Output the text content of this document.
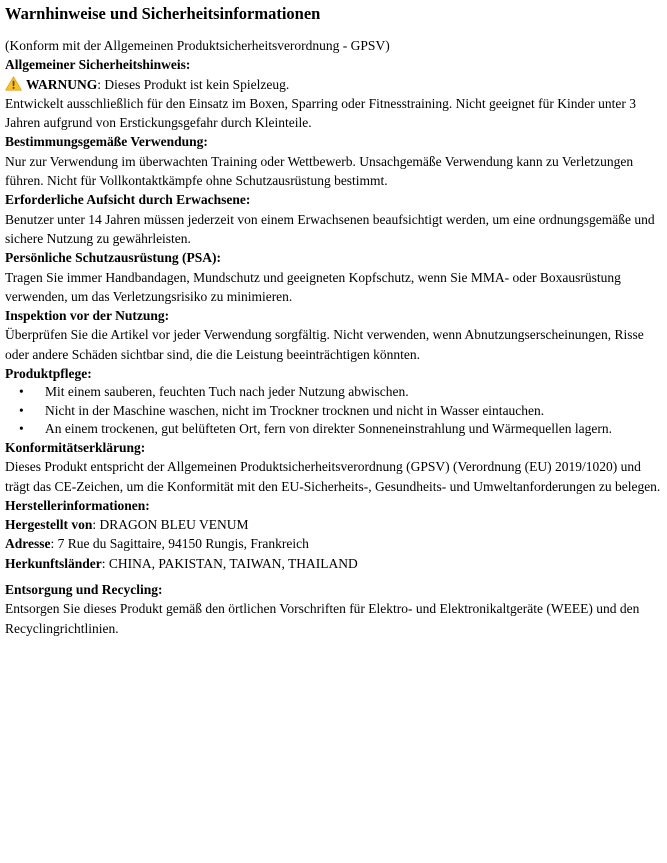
Warnhinweise und Sicherheitsinformationen

(Konform mit der Allgemeinen Produktsicherheitsverordnung - GPSV)

Allgemeiner Sicherheitshinweis:

WARNUNG: Dieses Produkt ist kein Spielzeug.
Entwickelt ausschließlich für den Einsatz im Boxen, Sparring oder Fitnesstraining. Nicht geeignet für Kinder unter 3 Jahren aufgrund von Erstickungsgefahr durch Kleinteile.

Bestimmungsgemäße Verwendung:

Nur zur Verwendung im überwachten Training oder Wettbewerb. Unsachgemäße Verwendung kann zu Verletzungen führen. Nicht für Vollkontaktkämpfe ohne Schutzausrüstung bestimmt.

Erforderliche Aufsicht durch Erwachsene:

Benutzer unter 14 Jahren müssen jederzeit von einem Erwachsenen beaufsichtigt werden, um eine ordnungsgemäße und sichere Nutzung zu gewährleisten.

Persönliche Schutzausrüstung (PSA):

Tragen Sie immer Handbandagen, Mundschutz und geeigneten Kopfschutz, wenn Sie MMA- oder Boxausrüstung verwenden, um das Verletzungsrisiko zu minimieren.

Inspektion vor der Nutzung:

Überprüfen Sie die Artikel vor jeder Verwendung sorgfältig. Nicht verwenden, wenn Abnutzungserscheinungen, Risse oder andere Schäden sichtbar sind, die die Leistung beeinträchtigen könnten.

Produktpflege:
• Mit einem sauberen, feuchten Tuch nach jeder Nutzung abwischen.
• Nicht in der Maschine waschen, nicht im Trockner trocknen und nicht in Wasser eintauchen.
• An einem trockenen, gut belüfteten Ort, fern von direkter Sonneneinstrahlung und Wärmequellen lagern.
Konformitätserklärung:

Dieses Produkt entspricht der Allgemeinen Produktsicherheitsverordnung (GPSV) (Verordnung (EU) 2019/1020) und trägt das CE-Zeichen, um die Konformität mit den EU-Sicherheits-, Gesundheits- und Umweltanforderungen zu belegen.

Herstellerinformationen:
Hergestellt von: DRAGON BLEU VENUM
Adresse: 7 Rue du Sagittaire, 94150 Rungis, Frankreich
Herkunftsländer: CHINA, PAKISTAN, TAIWAN, THAILAND
Entsorgung und Recycling:

Entsorgen Sie dieses Produkt gemäß den örtlichen Vorschriften für Elektro- und Elektronikaltgeräte (WEEE) und den Recyclingrichtlinien.
